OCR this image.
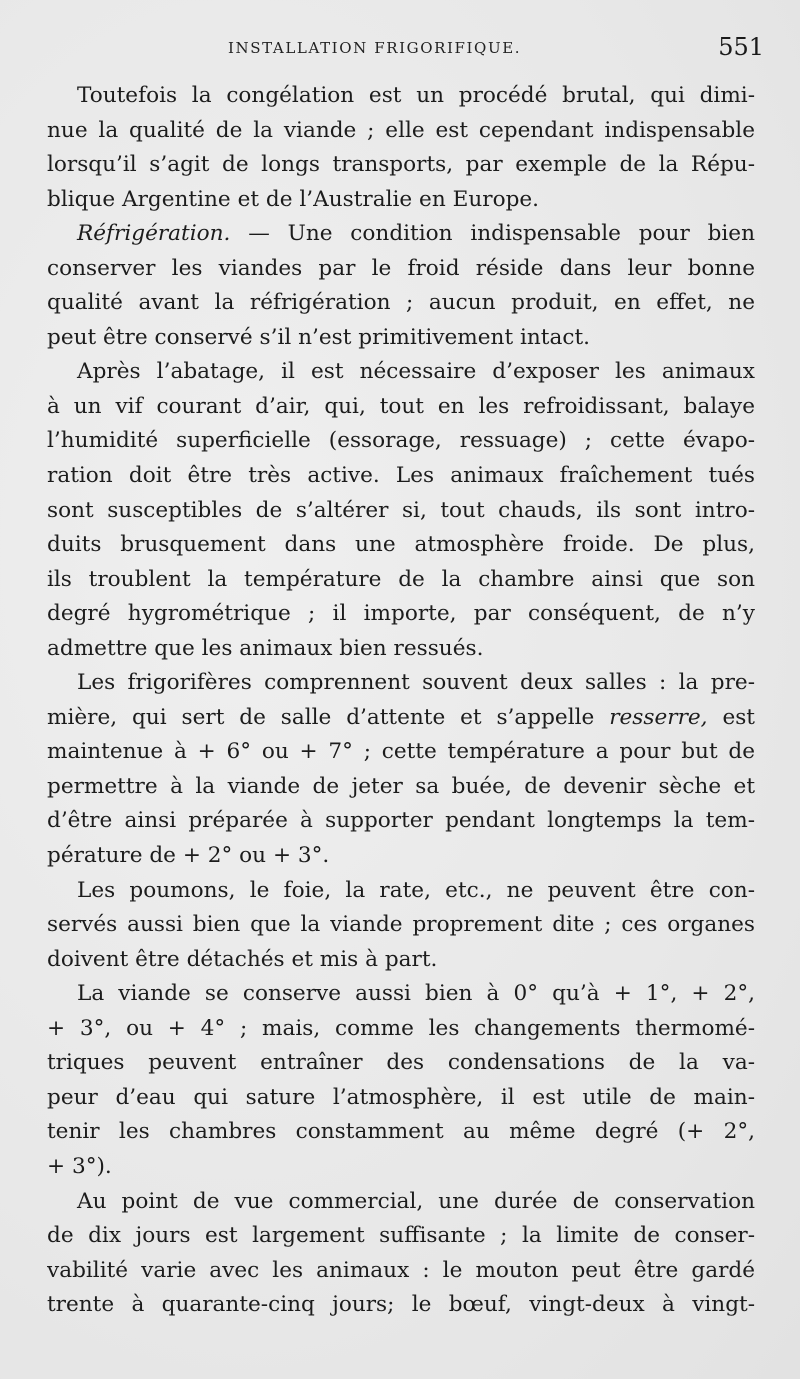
INSTALLATION FRIGORIFIQUE.	551
Toutefois la congélation est un procédé brutal, qui dimi-
nue la qualité de la viande ; elle est cependant indispensable
lorsqu’il s’agit de longs transports, par exemple de la Répu-
blique Argentine et de l’Australie en Europe.
Réfrigération. — Une condition indispensable pour bien
conserver les viandes par le froid réside dans leur bonne
qualité avant la réfrigération ; aucun produit, en effet, ne
peut être conservé s’il n’est primitivement intact.
Après l’abatage, il est nécessaire d’exposer les animaux
à un vif courant d’air, qui, tout en les refroidissant, balaye
l’humidité superficielle (essorage, ressuage) ; cette évapo-
ration doit être très active. Les animaux fraîchement tués
sont susceptibles de s’altérer si, tout chauds, ils sont intro-
duits brusquement dans une atmosphère froide. De plus,
ils troublent la température de la chambre ainsi que son
degré hygrométrique ; il importe, par conséquent, de n’y
admettre que les animaux bien ressués.
Les frigorifères comprennent souvent deux salles : la pre-
mière, qui sert de salle d’attente et s’appelle resserre, est
maintenue à + 6° ou + 7° ; cette température a pour but de
permettre à la viande de jeter sa buée, de devenir sèche et
d’être ainsi préparée à supporter pendant longtemps la tem-
pérature de + 2° ou + 3°.
Les poumons, le foie, la rate, etc., ne peuvent être con-
servés aussi bien que la viande proprement dite ; ces organes
doivent être détachés et mis à part.
La viande se conserve aussi bien à 0° qu’à + 1°, + 2°,
+ 3°, ou + 4° ; mais, comme les changements thermomé-
triques peuvent entraîner des condensations de la va-
peur d’eau qui sature l’atmosphère, il est utile de main-
tenir les chambres constamment au même degré (+ 2°,
+ 3°).
Au point de vue commercial, une durée de conservation
de dix jours est largement suffisante ; la limite de conser-
vabilité varie avec les animaux : le mouton peut être gardé
trente à quarante-cinq jours; le bœuf, vingt-deux à vingt-
